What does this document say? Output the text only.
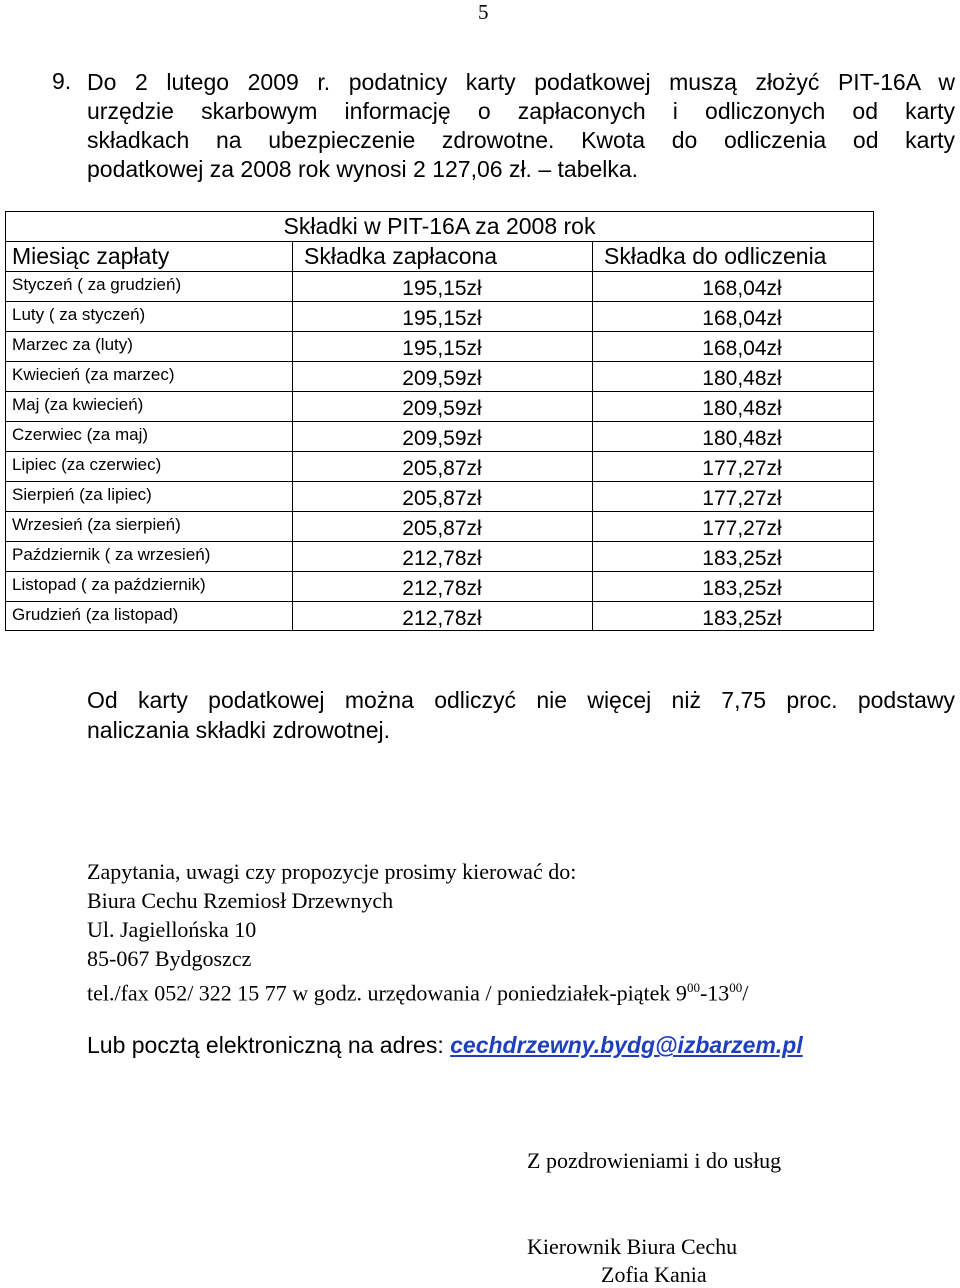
5
9. Do 2 lutego 2009 r. podatnicy karty podatkowej muszą złożyć PIT-16A w
urzędzie skarbowym informację o zapłaconych i odliczonych od karty
składkach na ubezpieczenie zdrowotne. Kwota do odliczenia od karty
podatkowej za 2008 rok wynosi 2 127,06 zł. – tabelka.
Składki w PIT-16A za 2008 rok
Miesiąc zapłaty	Składka zapłacona	Składka do odliczenia
Styczeń ( za grudzień)	195,15zł	168,04zł
Luty ( za styczeń)	195,15zł	168,04zł
Marzec za (luty)	195,15zł	168,04zł
Kwiecień (za marzec)	209,59zł	180,48zł
Maj (za kwiecień)	209,59zł	180,48zł
Czerwiec (za maj)	209,59zł	180,48zł
Lipiec (za czerwiec)	205,87zł	177,27zł
Sierpień (za lipiec)	205,87zł	177,27zł
Wrzesień (za sierpień)	205,87zł	177,27zł
Październik ( za wrzesień)	212,78zł	183,25zł
Listopad ( za październik)	212,78zł	183,25zł
Grudzień (za listopad)	212,78zł	183,25zł
Od karty podatkowej można odliczyć nie więcej niż 7,75 proc. podstawy
naliczania składki zdrowotnej.
Zapytania, uwagi czy propozycje prosimy kierować do:
Biura Cechu Rzemiosł Drzewnych
Ul. Jagiellońska 10
85-067 Bydgoszcz
tel./fax 052/ 322 15 77 w godz. urzędowania / poniedziałek-piątek $9^{00}-13^{00}/$
Lub pocztą elektroniczną na adres: cechdrzewny.bydg@izbarzem.pl
Z pozdrowieniami i do usług
Kierownik Biura Cechu
Zofia Kania
